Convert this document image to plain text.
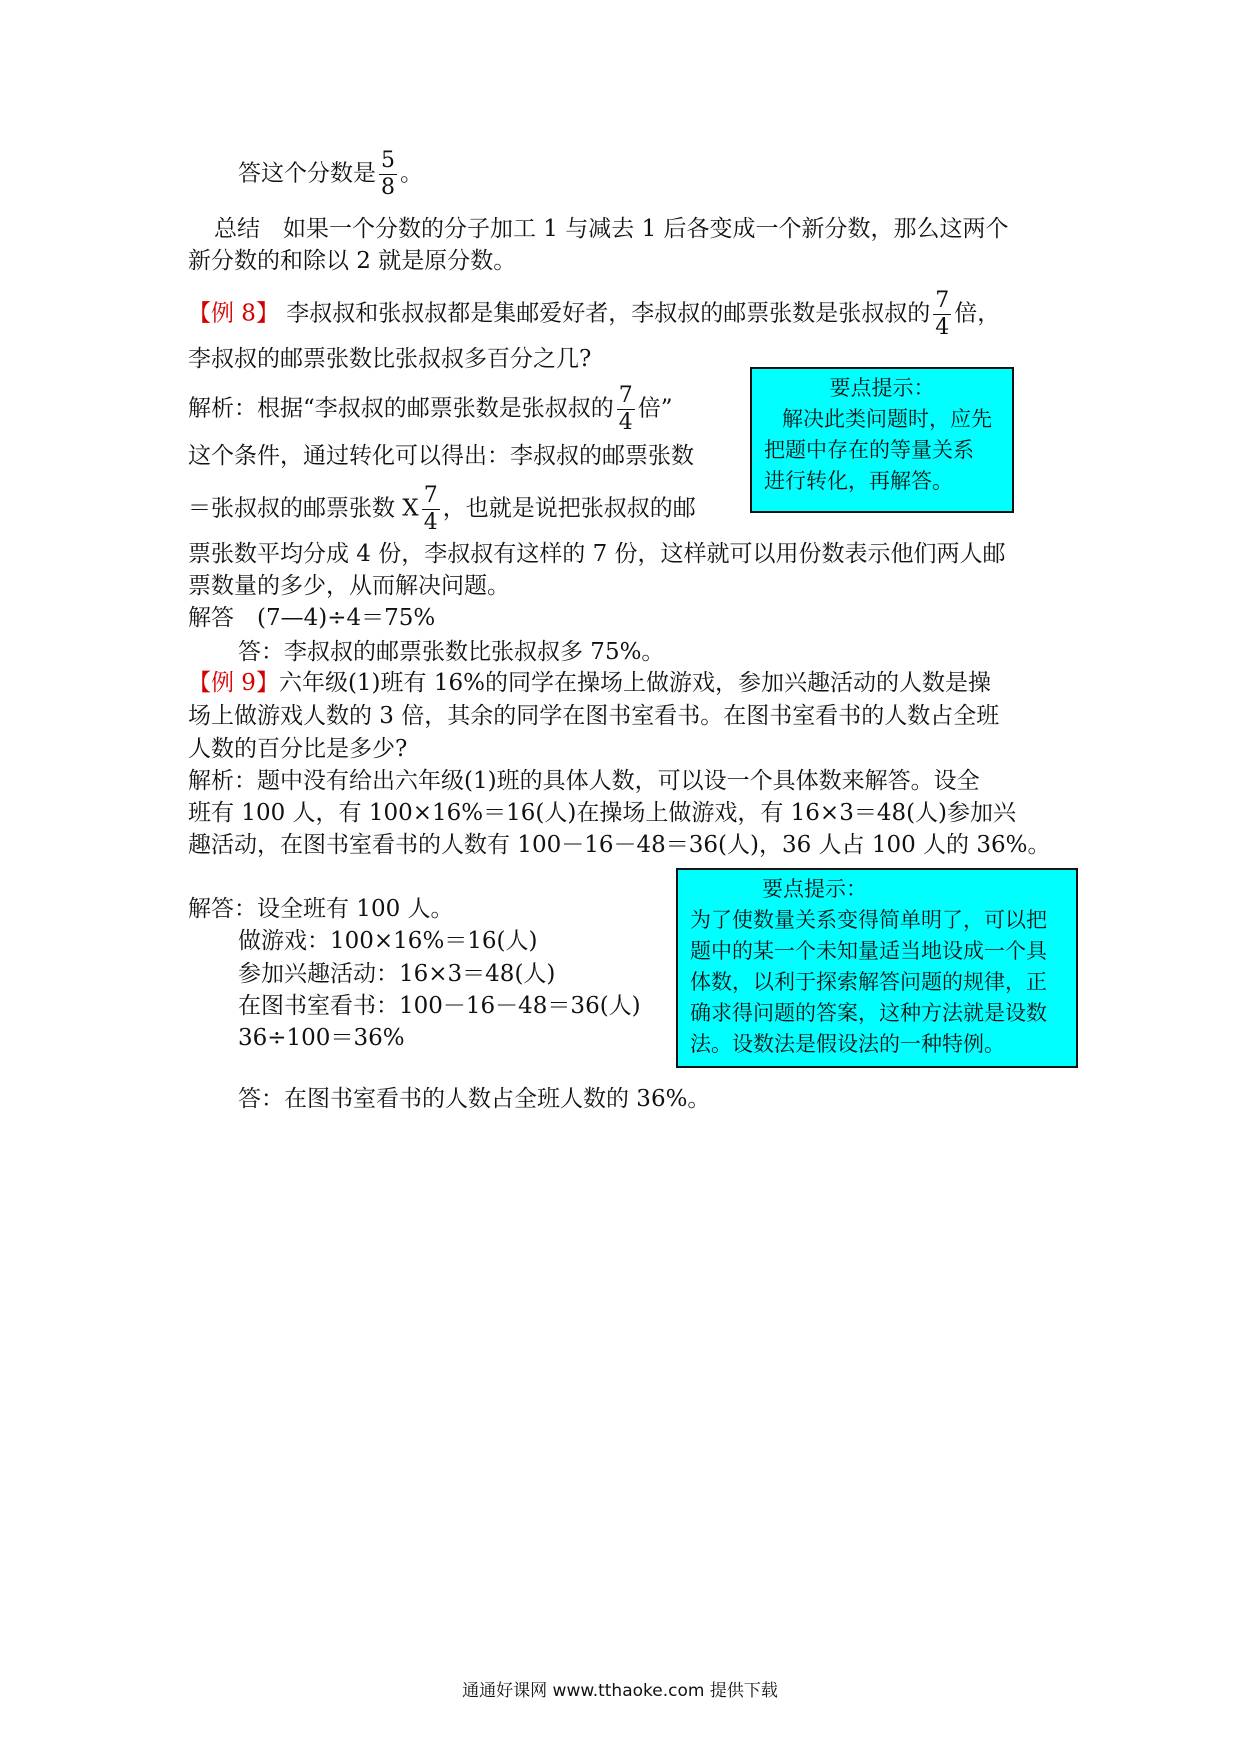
答这个分数是 $\frac{5}{8}$ 。
总结　如果一个分数的分子加工 1 与减去 1 后各变成一个新分数，那么这两个
新分数的和除以 2 就是原分数。
【例 8】 李叔叔和张叔叔都是集邮爱好者，李叔叔的邮票张数是张叔叔的 $\frac{7}{4}$ 倍，
李叔叔的邮票张数比张叔叔多百分之几?
解析：根据“李叔叔的邮票张数是张叔叔的 $\frac{7}{4}$ 倍”
这个条件，通过转化可以得出：李叔叔的邮票张数
＝张叔叔的邮票张数 X $\frac{7}{4}$ ，也就是说把张叔叔的邮
要点提示：
解决此类问题时，应先
把题中存在的等量关系
进行转化，再解答。
票张数平均分成 4 份，李叔叔有这样的 7 份，这样就可以用份数表示他们两人邮
票数量的多少，从而解决问题。
解答　(7—4)÷4＝75%
答：李叔叔的邮票张数比张叔叔多 75%。
【例 9】六年级(1)班有 16%的同学在操场上做游戏，参加兴趣活动的人数是操
场上做游戏人数的 3 倍，其余的同学在图书室看书。在图书室看书的人数占全班
人数的百分比是多少?
解析：题中没有给出六年级(1)班的具体人数，可以设一个具体数来解答。设全
班有 100 人，有 100×16%＝16(人)在操场上做游戏，有 16×3＝48(人)参加兴
趣活动，在图书室看书的人数有 100－16－48＝36(人)，36 人占 100 人的 36%。
解答：设全班有 100 人。
做游戏：100×16%＝16(人)
参加兴趣活动：16×3＝48(人)
在图书室看书：100－16－48＝36(人)
36÷100＝36%
要点提示：
为了使数量关系变得简单明了，可以把
题中的某一个未知量适当地设成一个具
体数，以利于探索解答问题的规律，正
确求得问题的答案，这种方法就是设数
法。设数法是假设法的一种特例。
答：在图书室看书的人数占全班人数的 36%。
通通好课网 www.tthaoke.com 提供下载
